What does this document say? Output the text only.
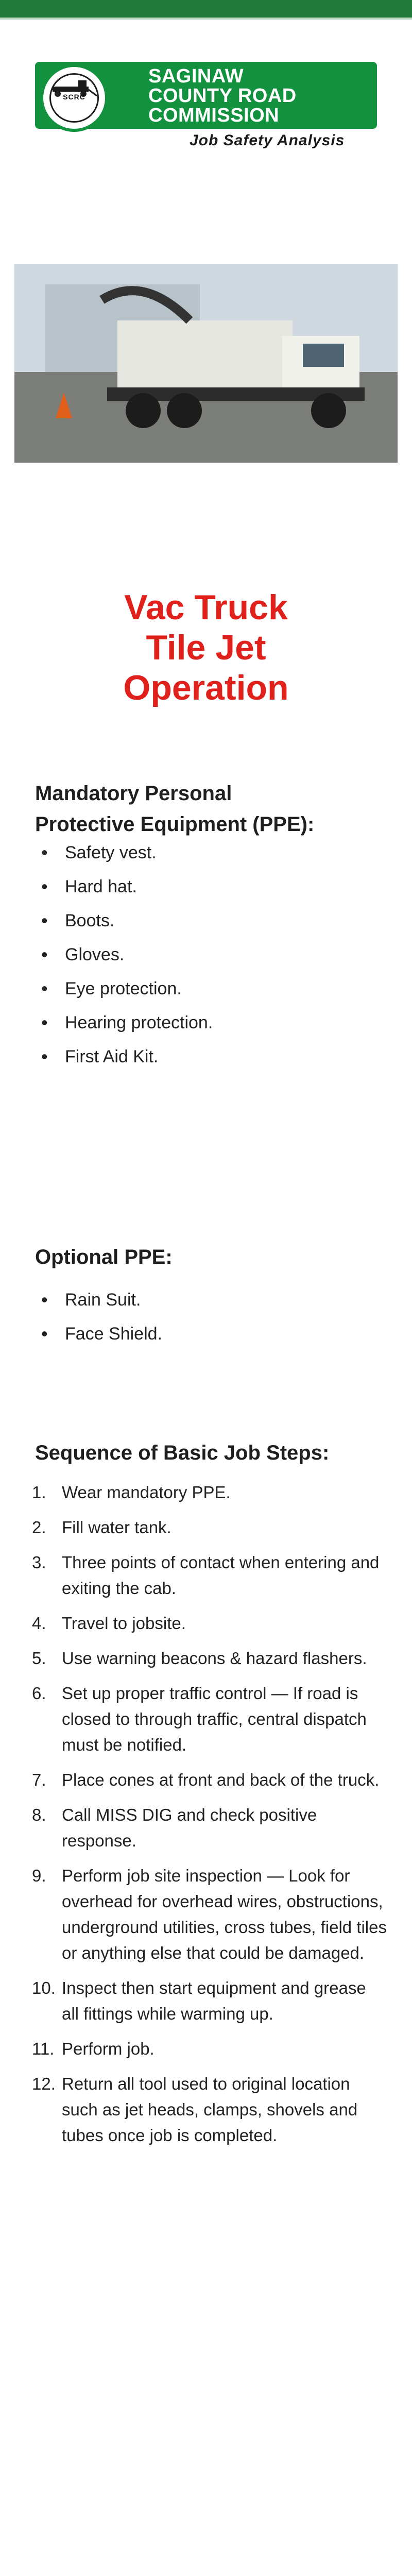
SCRC
SAGINAW
COUNTY ROAD
COMMISSION
Job Safety Analysis
Vac Truck
Tile Jet
Operation
Mandatory Personal
Protective Equipment (PPE):
• Safety vest.
• Hard hat.
• Boots.
• Gloves.
• Eye protection.
• Hearing protection.
• First Aid Kit.
Optional PPE:
• Rain Suit.
• Face Shield.
Sequence of Basic Job Steps:
1. Wear mandatory PPE.
2. Fill water tank.
3. Three points of contact when entering and exiting the cab.
4. Travel to jobsite.
5. Use warning beacons & hazard flashers.
6. Set up proper traffic control — If road is closed to through traffic, central dispatch must be notified.
7. Place cones at front and back of the truck.
8. Call MISS DIG and check positive response.
9. Perform job site inspection — Look for overhead for overhead wires, obstructions, underground utilities, cross tubes, field tiles or anything else that could be damaged.
10. Inspect then start equipment and grease all fittings while warming up.
11. Perform job.
12. Return all tool used to original location such as jet heads, clamps, shovels and tubes once job is completed.
